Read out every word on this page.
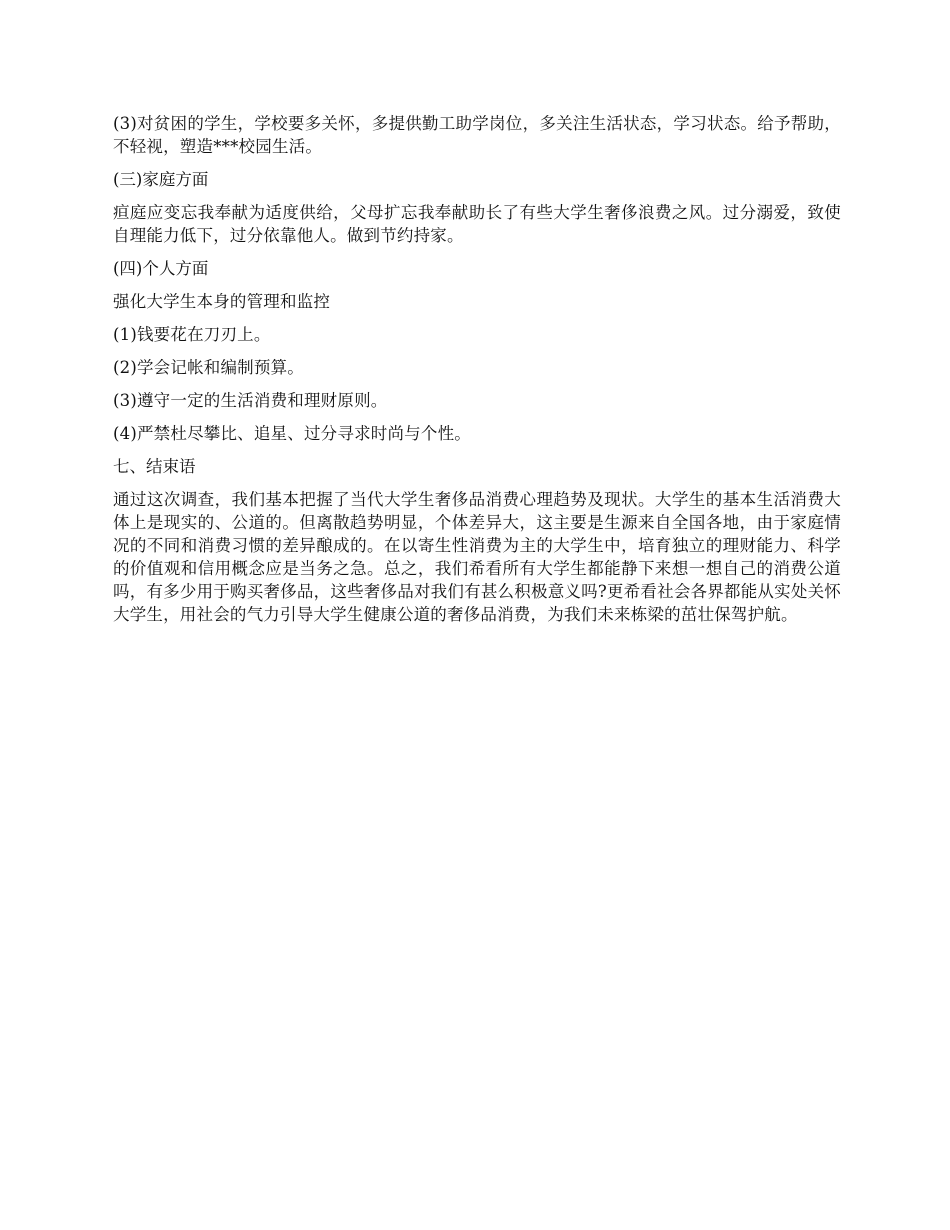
(3)对贫困的学生，学校要多关怀，多提供勤工助学岗位，多关注生活状态，学习状态。给予帮助，不轻视，塑造***校园生活。

(三)家庭方面

疸庭应变忘我奉献为适度供给，父母扩忘我奉献助长了有些大学生奢侈浪费之风。过分溺爱，致使自理能力低下，过分依靠他人。做到节约持家。

(四)个人方面

强化大学生本身的管理和监控

(1)钱要花在刀刃上。

(2)学会记帐和编制预算。

(3)遵守一定的生活消费和理财原则。

(4)严禁杜尽攀比、追星、过分寻求时尚与个性。

七、结束语

通过这次调查，我们基本把握了当代大学生奢侈品消费心理趋势及现状。大学生的基本生活消费大体上是现实的、公道的。但离散趋势明显，个体差异大，这主要是生源来自全国各地，由于家庭情况的不同和消费习惯的差异酿成的。在以寄生性消费为主的大学生中，培育独立的理财能力、科学的价值观和信用概念应是当务之急。总之，我们希看所有大学生都能静下来想一想自己的消费公道吗，有多少用于购买奢侈品，这些奢侈品对我们有甚么积极意义吗?更希看社会各界都能从实处关怀大学生，用社会的气力引导大学生健康公道的奢侈品消费，为我们未来栋梁的茁壮保驾护航。
